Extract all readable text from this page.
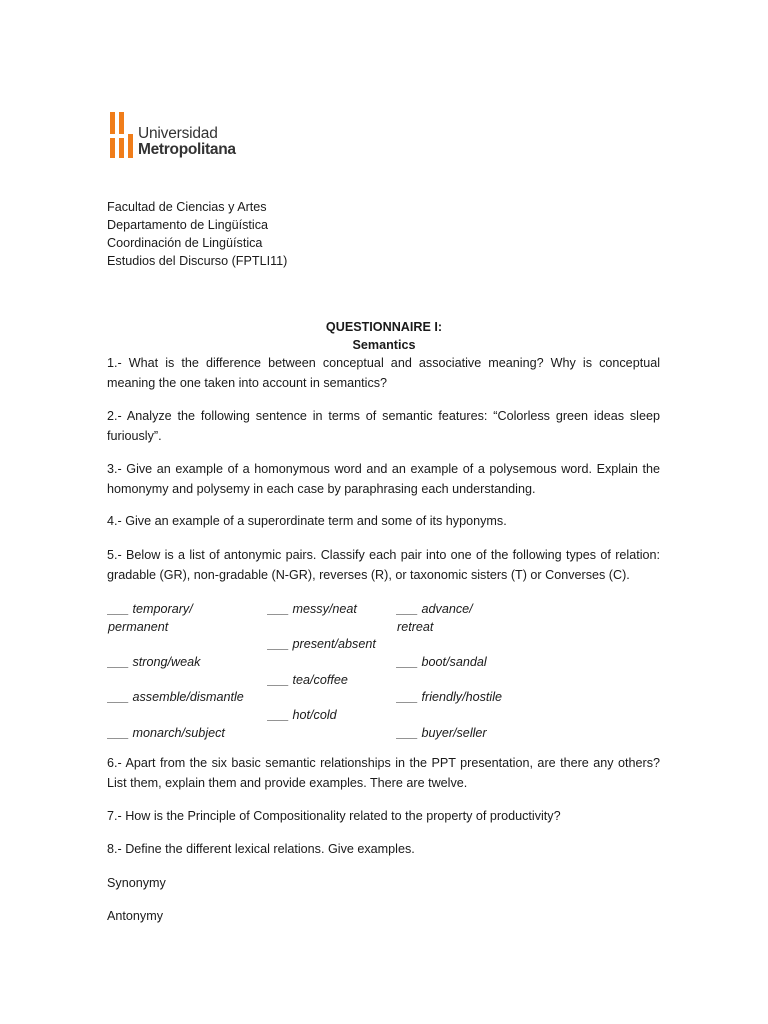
Universidad
Metropolitana
Facultad de Ciencias y Artes
Departamento de Lingüística
Coordinación de Lingüística
Estudios del Discurso (FPTLI11)
QUESTIONNAIRE I:
Semantics
1.- What is the difference between conceptual and associative meaning? Why is conceptual meaning the one taken into account in semantics?
2.- Analyze the following sentence in terms of semantic features: “Colorless green ideas sleep furiously”.
3.- Give an example of a homonymous word and an example of a polysemous word. Explain the homonymy and polysemy in each case by paraphrasing each understanding.
4.- Give an example of a superordinate term and some of its hyponyms.
5.- Below is a list of antonymic pairs. Classify each pair into one of the following types of relation: gradable (GR), non-gradable (N-GR), reverses (R), or taxonomic sisters (T) or Converses (C).
___ temporary/
permanent
___ strong/weak
___ assemble/dismantle
___ monarch/subject
___ messy/neat
___ present/absent
___ tea/coffee
___ hot/cold
___ advance/
retreat
___ boot/sandal
___ friendly/hostile
___ buyer/seller
6.- Apart from the six basic semantic relationships in the PPT presentation, are there any others? List them, explain them and provide examples. There are twelve.
7.- How is the Principle of Compositionality related to the property of productivity?
8.- Define the different lexical relations. Give examples.
Synonymy
Antonymy
